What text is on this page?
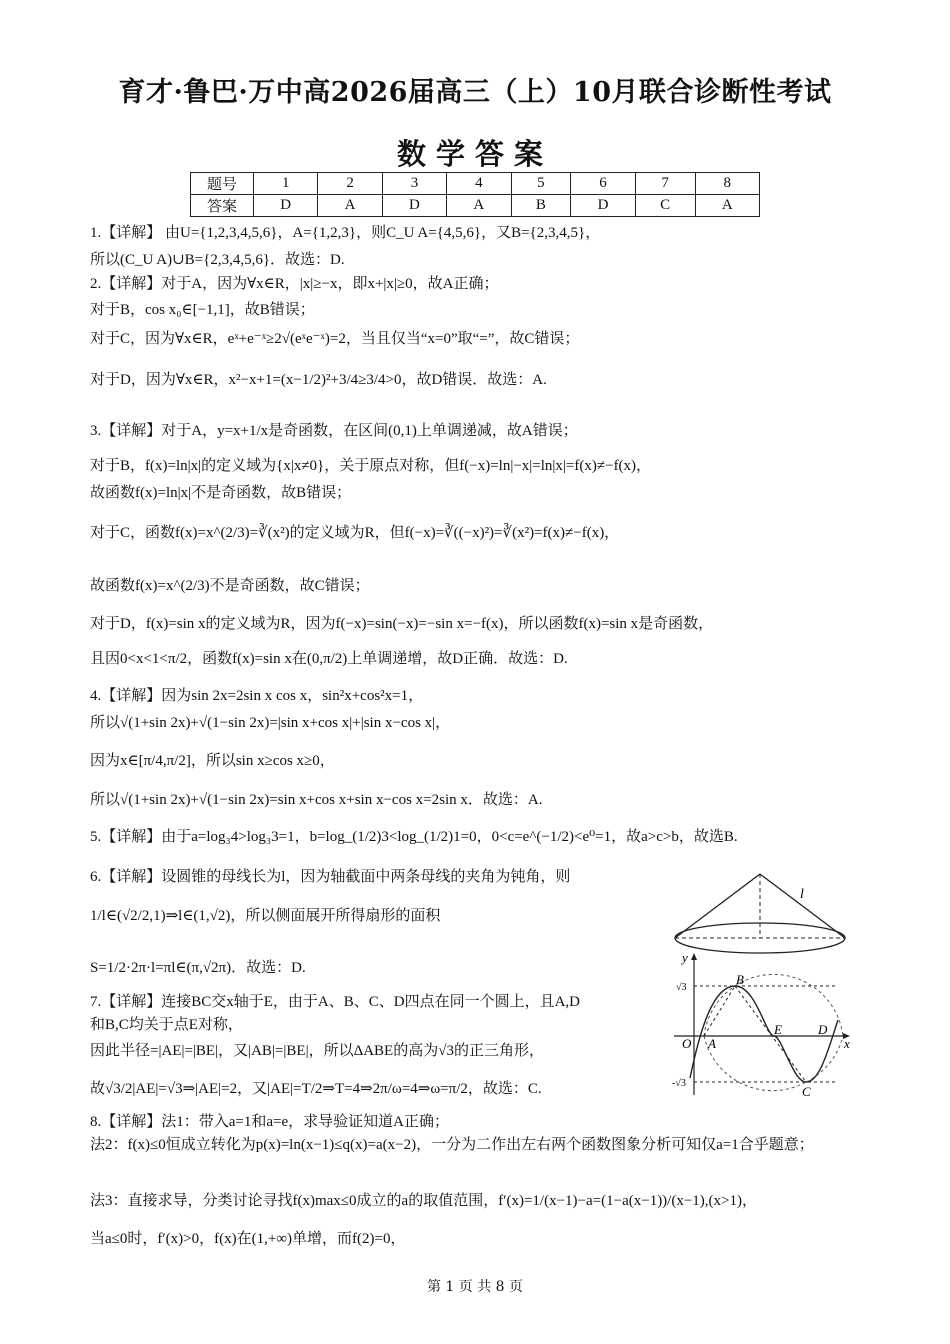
育才·鲁巴·万中高2026届高三（上）10月联合诊断性考试
数学答案
题号	1	2	3	4	5	6	7	8
答案	D	A	D	A	B	D	C	A
1.【详解】 由U={1,2,3,4,5,6}，A={1,2,3}，则C_U A={4,5,6}，又B={2,3,4,5}，
所以(C_U A)∪B={2,3,4,5,6}．故选：D.
2.【详解】对于A，因为∀x∈R，|x|≥−x，即x+|x|≥0，故A正确；
对于B，cos x₀∈[−1,1]，故B错误；
对于C，因为∀x∈R，eˣ+e⁻ˣ≥2√(eˣe⁻ˣ)=2，当且仅当“x=0”取“=”，故C错误；
对于D，因为∀x∈R，x²−x+1=(x−1/2)²+3/4≥3/4>0，故D错误．故选：A.
3.【详解】对于A，y=x+1/x是奇函数，在区间(0,1)上单调递减，故A错误；
对于B，f(x)=ln|x|的定义域为{x|x≠0}，关于原点对称，但f(−x)=ln|−x|=ln|x|=f(x)≠−f(x)，
故函数f(x)=ln|x|不是奇函数，故B错误；
对于C，函数f(x)=x^(2/3)=∛(x²)的定义域为R，但f(−x)=∛((−x)²)=∛(x²)=f(x)≠−f(x)，
故函数f(x)=x^(2/3)不是奇函数，故C错误；
对于D，f(x)=sin x的定义域为R，因为f(−x)=sin(−x)=−sin x=−f(x)，所以函数f(x)=sin x是奇函数，
且因0<x<1<π/2，函数f(x)=sin x在(0,π/2)上单调递增，故D正确．故选：D.
4.【详解】因为sin 2x=2sin x cos x，sin²x+cos²x=1，
所以√(1+sin 2x)+√(1−sin 2x)=|sin x+cos x|+|sin x−cos x|，
因为x∈[π/4,π/2]，所以sin x≥cos x≥0，
所以√(1+sin 2x)+√(1−sin 2x)=sin x+cos x+sin x−cos x=2sin x．故选：A.
5.【详解】由于a=log₃4>log₃3=1，b=log_(1/2)3<log_(1/2)1=0，0<c=e^(−1/2)<e⁰=1，故a>c>b，故选B.
6.【详解】设圆锥的母线长为l，因为轴截面中两条母线的夹角为钝角，则
1/l∈(√2/2,1)⇒l∈(1,√2)，所以侧面展开所得扇形的面积
S=1/2·2π·l=πl∈(π,√2π)．故选：D.
7.【详解】连接BC交x轴于E，由于A、B、C、D四点在同一个圆上，且A,D
和B,C均关于点E对称，
因此半径=|AE|=|BE|，又|AB|=|BE|，所以ΔABE的高为√3的正三角形，
故√3/2|AE|=√3⇒|AE|=2，又|AE|=T/2⇒T=4⇒2π/ω=4⇒ω=π/2，故选：C.
8.【详解】法1：带入a=1和a=e，求导验证知道A正确；
法2：f(x)≤0恒成立转化为p(x)=ln(x−1)≤q(x)=a(x−2)，一分为二作出左右两个函数图象分析可知仅a=1合乎题意；
法3：直接求导，分类讨论寻找f(x)max≤0成立的a的取值范围，f′(x)=1/(x−1)−a=(1−a(x−1))/(x−1),(x>1)，
当a≤0时，f′(x)>0，f(x)在(1,+∞)单增，而f(2)=0，
l
y
x
O A
B
C
D
E
√3
-√3
第 1 页 共 8 页
